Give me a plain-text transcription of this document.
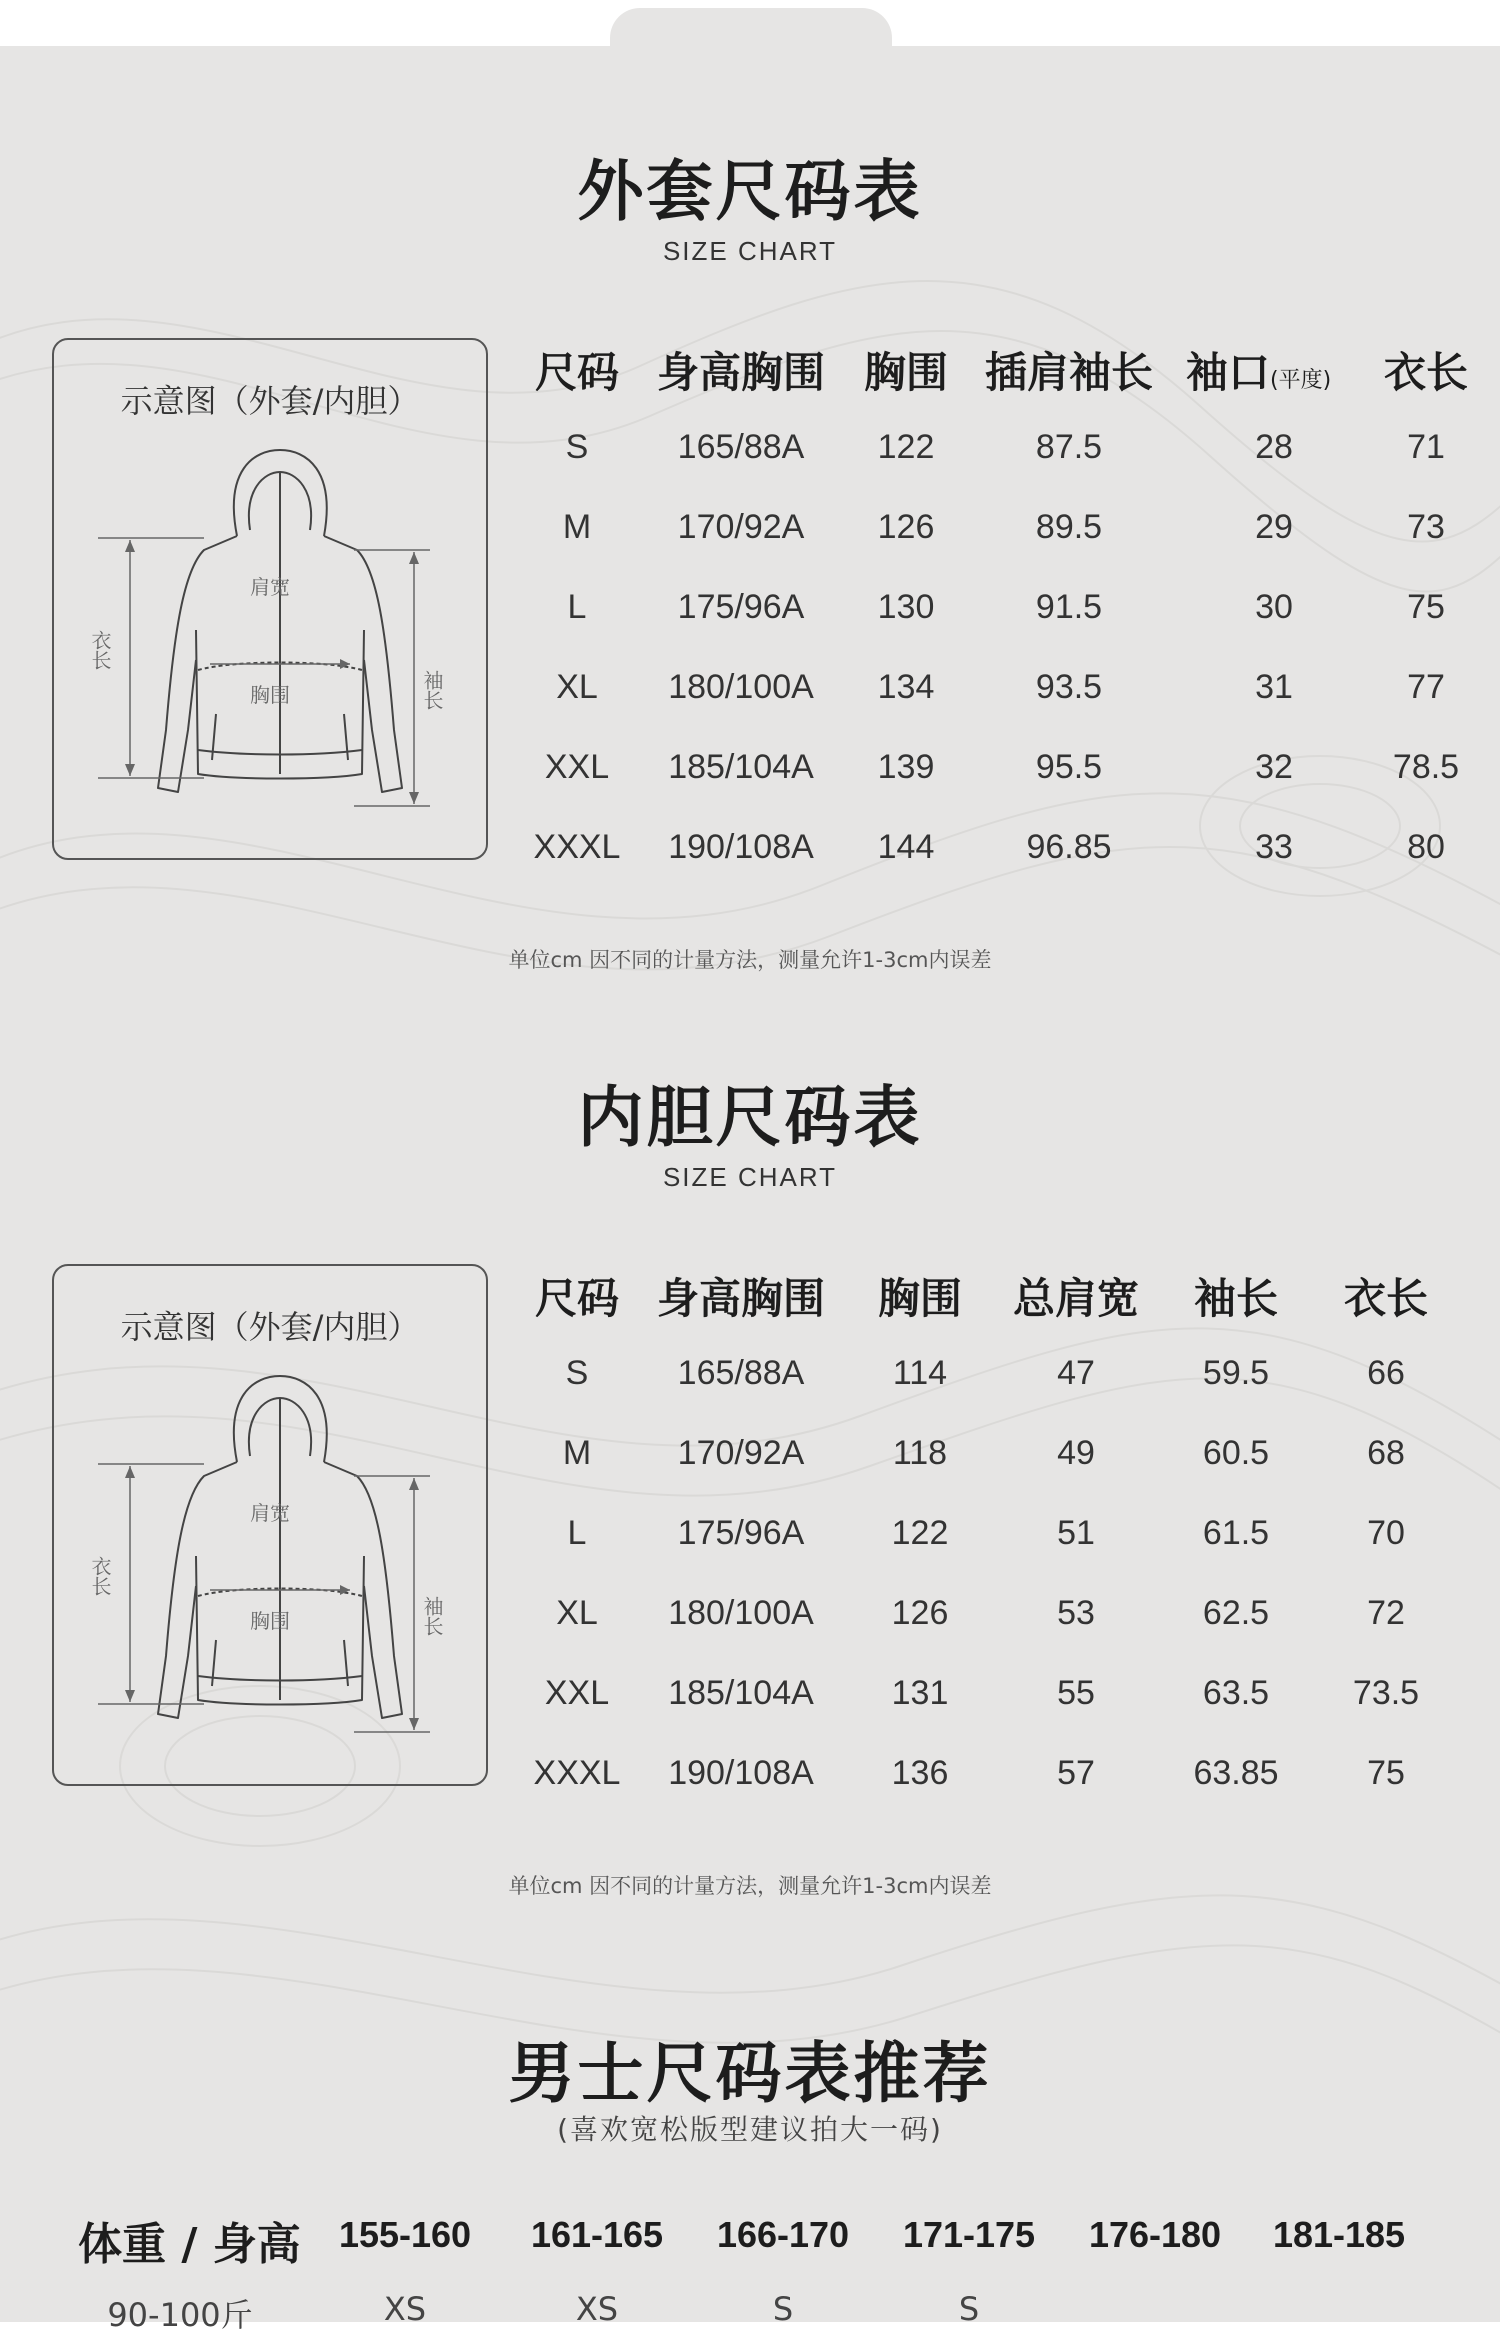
外套尺码表
SIZE CHART
示意图（外套/内胆）
肩宽
胸围
衣长
袖长
尺码 身高胸围 胸围 插肩袖长 袖口(平度)	衣长
S	165/88A	122	87.5	28	71
M	170/92A	126	89.5	29	73
L	175/96A	130	91.5	30	75
XL	180/100A	134	93.5	31	77
XXL	185/104A	139	95.5	32	78.5
XXXL	190/108A	144	96.85	33	80
单位cm 因不同的计量方法，测量允许1-3cm内误差
内胆尺码表
SIZE CHART
示意图（外套/内胆）
肩宽
胸围
衣长
袖长
尺码 身高胸围 胸围 总肩宽 袖长 衣长
S	165/88A	114	47	59.5	66
M	170/92A	118	49	60.5	68
L	175/96A	122	51	61.5	70
XL	180/100A	126	53	62.5	72
XXL	185/104A	131	55	63.5	73.5
XXXL	190/108A	136	57	63.85	75
单位cm 因不同的计量方法，测量允许1-3cm内误差
男士尺码表推荐
(喜欢宽松版型建议拍大一码)
体重 / 身高 155-160 161-165 166-170 171-175 176-180 181-185
90-100斤	XS	XS	S	S
